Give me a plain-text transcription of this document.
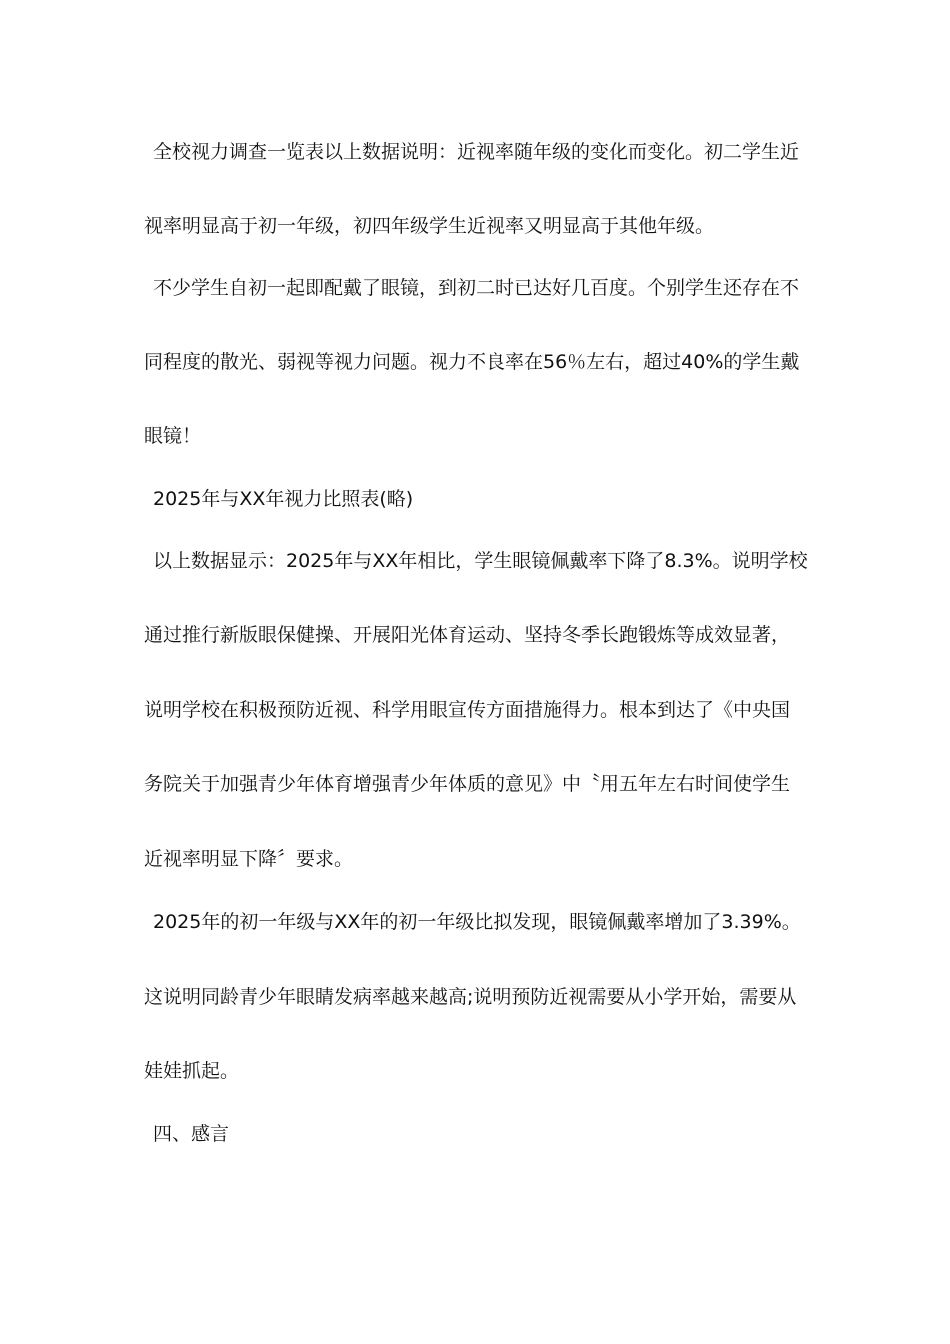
全校视力调查一览表以上数据说明：近视率随年级的变化而变化。初二学生近
视率明显高于初一年级，初四年级学生近视率又明显高于其他年级。
不少学生自初一起即配戴了眼镜，到初二时已达好几百度。个别学生还存在不
同程度的散光、弱视等视力问题。视力不良率在56％左右，超过40%的学生戴
眼镜！
2025年与XX年视力比照表(略)
以上数据显示：2025年与XX年相比，学生眼镜佩戴率下降了8.3%。说明学校
通过推行新版眼保健操、开展阳光体育运动、坚持冬季长跑锻炼等成效显著，
说明学校在积极预防近视、科学用眼宣传方面措施得力。根本到达了《中央国
务院关于加强青少年体育增强青少年体质的意见》中〝用五年左右时间使学生
近视率明显下降〞要求。
2025年的初一年级与XX年的初一年级比拟发现，眼镜佩戴率增加了3.39%。
这说明同龄青少年眼睛发病率越来越高;说明预防近视需要从小学开始，需要从
娃娃抓起。
四、感言
